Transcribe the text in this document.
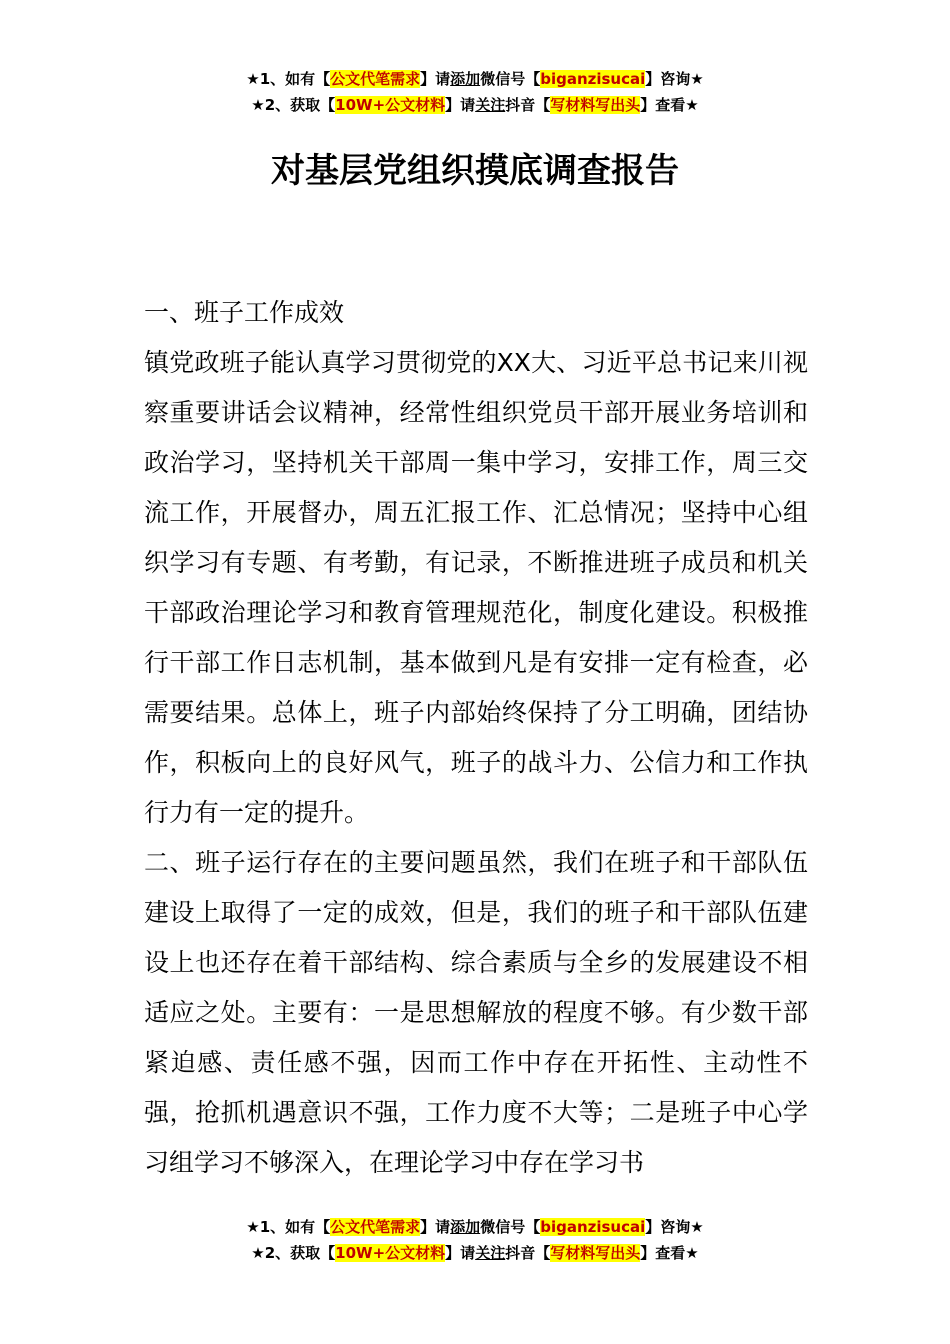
★1、如有【公文代笔需求】请添加微信号【biganzisucai】咨询★
★2、获取【10W+公文材料】请关注抖音【写材料写出头】查看★
对基层党组织摸底调查报告

一、班子工作成效

镇党政班子能认真学习贯彻党的XX大、习近平总书记来川视察重要讲话会议精神，经常性组织党员干部开展业务培训和政治学习，坚持机关干部周一集中学习，安排工作，周三交流工作，开展督办，周五汇报工作、汇总情况；坚持中心组织学习有专题、有考勤，有记录，不断推进班子成员和机关干部政治理论学习和教育管理规范化，制度化建设。积极推行干部工作日志机制，基本做到凡是有安排一定有检查，必需要结果。总体上，班子内部始终保持了分工明确，团结协作，积板向上的良好风气，班子的战斗力、公信力和工作执行力有一定的提升。

二、班子运行存在的主要问题虽然，我们在班子和干部队伍建设上取得了一定的成效，但是，我们的班子和干部队伍建设上也还存在着干部结构、综合素质与全乡的发展建设不相适应之处。主要有：一是思想解放的程度不够。有少数干部紧迫感、责任感不强，因而工作中存在开拓性、主动性不强，抢抓机遇意识不强，工作力度不大等；二是班子中心学习组学习不够深入，在理论学习中存在学习书

★1、如有【公文代笔需求】请添加微信号【biganzisucai】咨询★
★2、获取【10W+公文材料】请关注抖音【写材料写出头】查看★
